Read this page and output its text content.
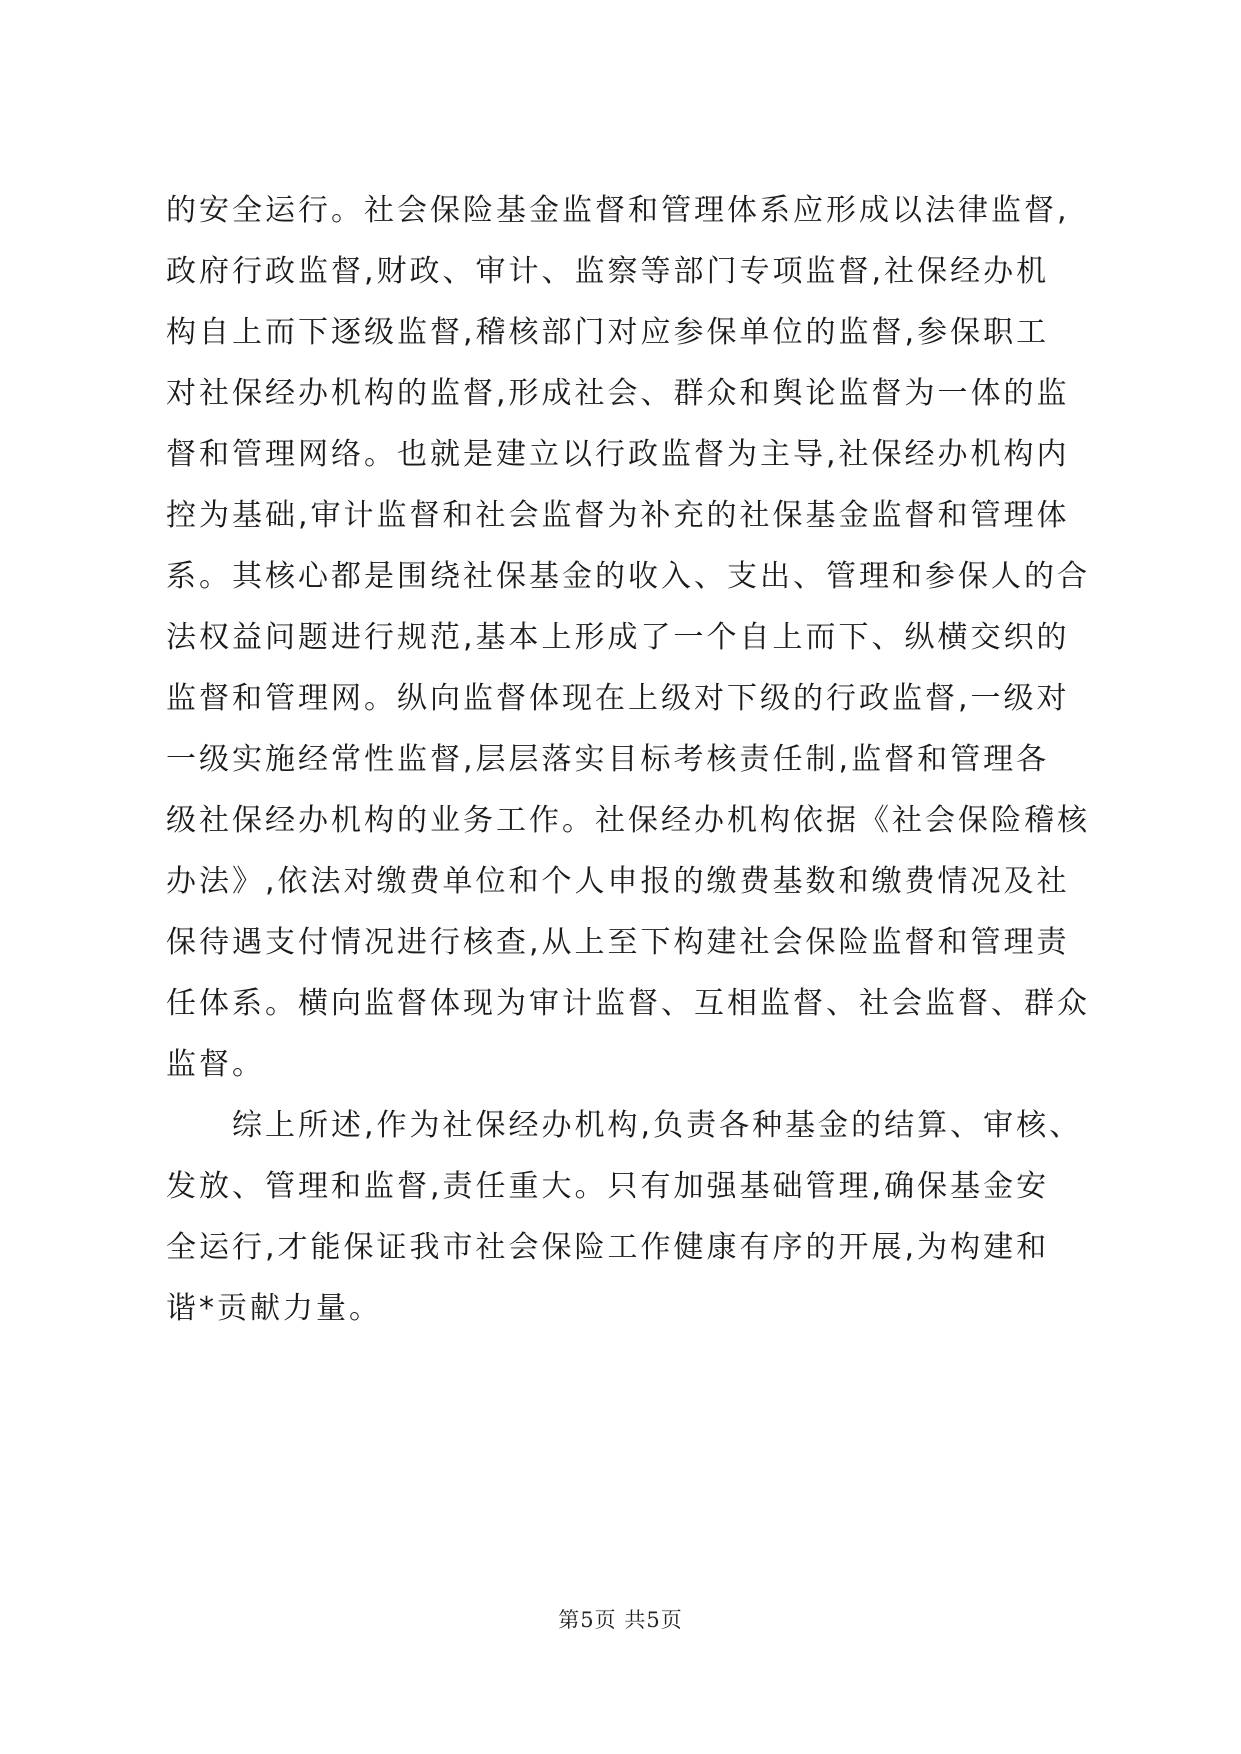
的安全运行。社会保险基金监督和管理体系应形成以法律监督,
政府行政监督,财政、审计、监察等部门专项监督,社保经办机
构自上而下逐级监督,稽核部门对应参保单位的监督,参保职工
对社保经办机构的监督,形成社会、群众和舆论监督为一体的监
督和管理网络。也就是建立以行政监督为主导,社保经办机构内
控为基础,审计监督和社会监督为补充的社保基金监督和管理体
系。其核心都是围绕社保基金的收入、支出、管理和参保人的合
法权益问题进行规范,基本上形成了一个自上而下、纵横交织的
监督和管理网。纵向监督体现在上级对下级的行政监督,一级对
一级实施经常性监督,层层落实目标考核责任制,监督和管理各
级社保经办机构的业务工作。社保经办机构依据《社会保险稽核
办法》,依法对缴费单位和个人申报的缴费基数和缴费情况及社
保待遇支付情况进行核查,从上至下构建社会保险监督和管理责
任体系。横向监督体现为审计监督、互相监督、社会监督、群众
监督。
综上所述,作为社保经办机构,负责各种基金的结算、审核、
发放、管理和监督,责任重大。只有加强基础管理,确保基金安
全运行,才能保证我市社会保险工作健康有序的开展,为构建和
谐*贡献力量。
第5页 共5页
